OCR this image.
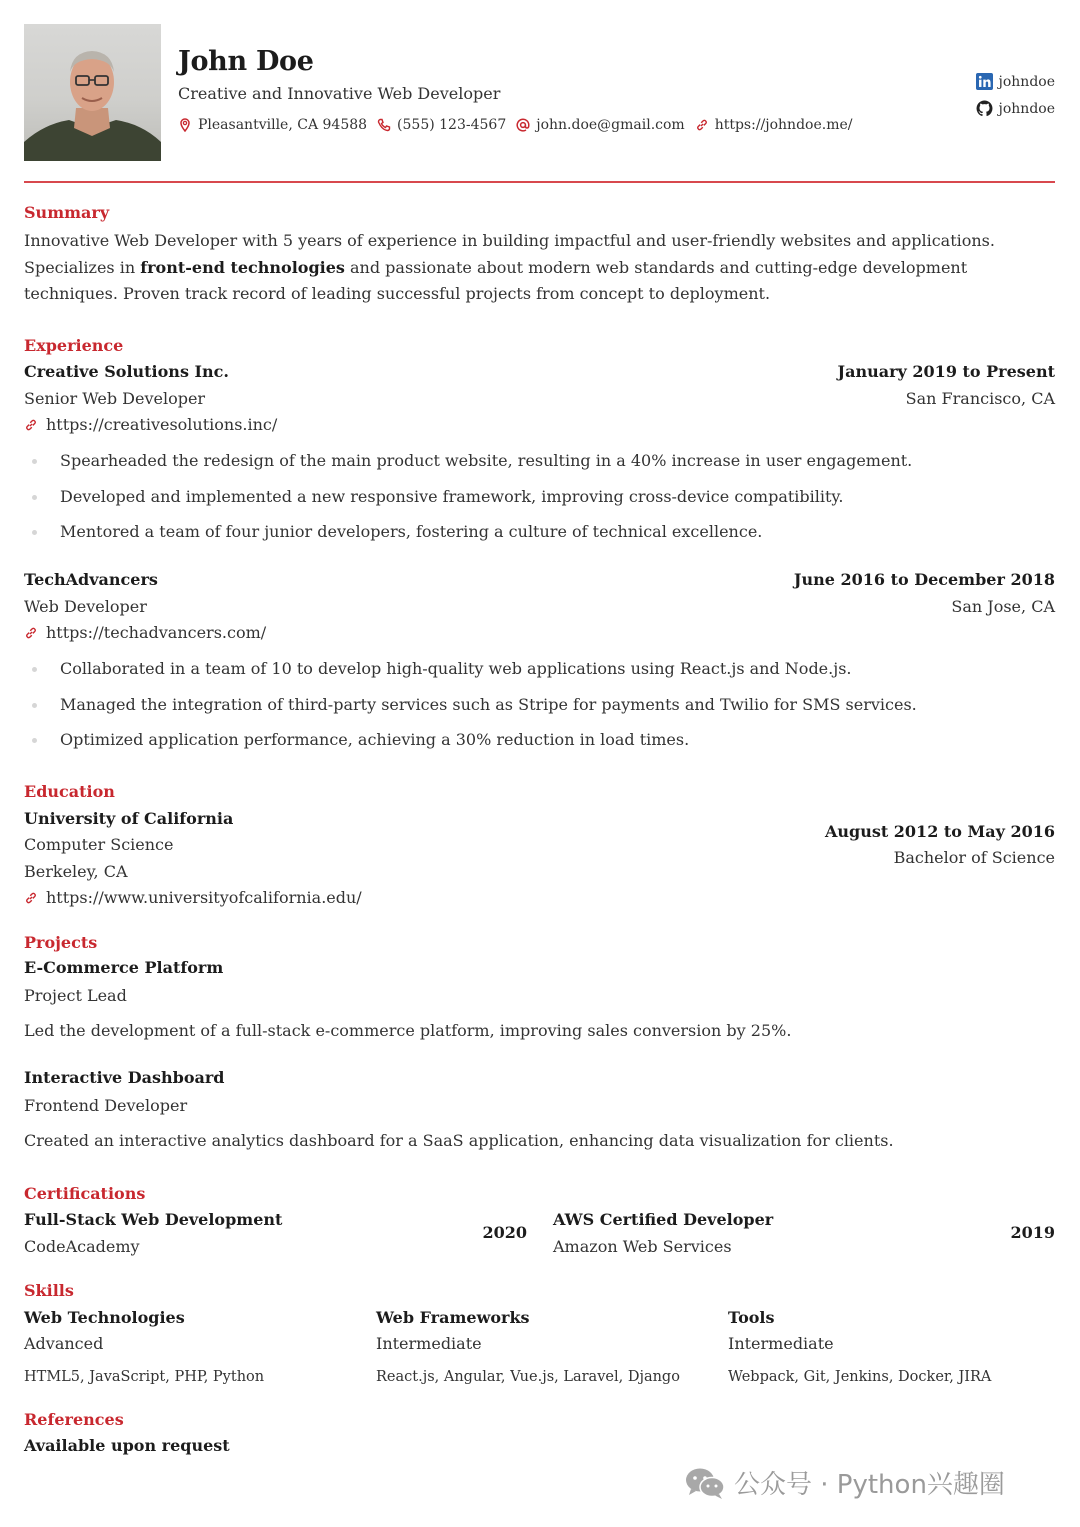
John Doe
Creative and Innovative Web Developer
Pleasantville, CA 94588 (555) 123-4567 john.doe@gmail.com https://johndoe.me/
johndoe
johndoe
Summary
Innovative Web Developer with 5 years of experience in building impactful and user-friendly websites and applications. Specializes in front-end technologies and passionate about modern web standards and cutting-edge development techniques. Proven track record of leading successful projects from concept to deployment.
Experience
Creative Solutions Inc.	January 2019 to Present
Senior Web Developer	San Francisco, CA
https://creativesolutions.inc/
Spearheaded the redesign of the main product website, resulting in a 40% increase in user engagement.
Developed and implemented a new responsive framework, improving cross-device compatibility.
Mentored a team of four junior developers, fostering a culture of technical excellence.
TechAdvancers	June 2016 to December 2018
Web Developer	San Jose, CA
https://techadvancers.com/
Collaborated in a team of 10 to develop high-quality web applications using React.js and Node.js.
Managed the integration of third-party services such as Stripe for payments and Twilio for SMS services.
Optimized application performance, achieving a 30% reduction in load times.
Education
University of California
Computer Science
Berkeley, CA
https://www.universityofcalifornia.edu/
August 2012 to May 2016
Bachelor of Science
Projects
E-Commerce Platform
Project Lead
Led the development of a full-stack e-commerce platform, improving sales conversion by 25%.
Interactive Dashboard
Frontend Developer
Created an interactive analytics dashboard for a SaaS application, enhancing data visualization for clients.
Certifications
Full-Stack Web Development
CodeAcademy
2020
AWS Certified Developer
Amazon Web Services
2019
Skills
Web Technologies
Advanced
HTML5, JavaScript, PHP, Python
Web Frameworks
Intermediate
React.js, Angular, Vue.js, Laravel, Django
Tools
Intermediate
Webpack, Git, Jenkins, Docker, JIRA
References
Available upon request
公众号 · Python兴趣圈
